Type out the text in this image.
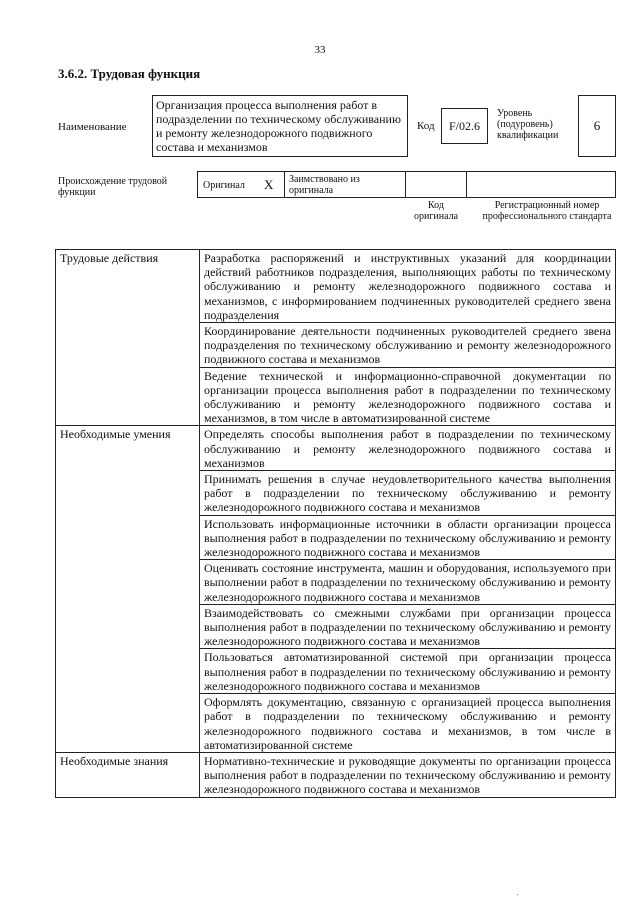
33
3.6.2. Трудовая функция
Наименование
Организация процесса выполнения работ в подразделении по техническому обслуживанию и ремонту железнодорожного подвижного состава и механизмов
Код F/02.6
Уровень (подуровень) квалификации
6
Происхождение трудовой функции
Оригинал X Заимствовано из оригинала
Код оригинала
Регистрационный номер профессионального стандарта
Трудовые действия	Разработка распоряжений и инструктивных указаний для координации действий работников подразделения, выполняющих работы по техническому обслуживанию и ремонту железнодорожного подвижного состава и механизмов, с информированием подчиненных руководителей среднего звена подразделения
	Координирование деятельности подчиненных руководителей среднего звена подразделения по техническому обслуживанию и ремонту железнодорожного подвижного состава и механизмов
	Ведение технической и информационно-справочной документации по организации процесса выполнения работ в подразделении по техническому обслуживанию и ремонту железнодорожного подвижного состава и механизмов, в том числе в автоматизированной системе
Необходимые умения	Определять способы выполнения работ в подразделении по техническому обслуживанию и ремонту железнодорожного подвижного состава и механизмов
	Принимать решения в случае неудовлетворительного качества выполнения работ в подразделении по техническому обслуживанию и ремонту железнодорожного подвижного состава и механизмов
	Использовать информационные источники в области организации процесса выполнения работ в подразделении по техническому обслуживанию и ремонту железнодорожного подвижного состава и механизмов
	Оценивать состояние инструмента, машин и оборудования, используемого при выполнении работ в подразделении по техническому обслуживанию и ремонту железнодорожного подвижного состава и механизмов
	Взаимодействовать со смежными службами при организации процесса выполнения работ в подразделении по техническому обслуживанию и ремонту железнодорожного подвижного состава и механизмов
	Пользоваться автоматизированной системой при организации процесса выполнения работ в подразделении по техническому обслуживанию и ремонту железнодорожного подвижного состава и механизмов
	Оформлять документацию, связанную с организацией процесса выполнения работ в подразделении по техническому обслуживанию и ремонту железнодорожного подвижного состава и механизмов, в том числе в автоматизированной системе
Необходимые знания	Нормативно-технические и руководящие документы по организации процесса выполнения работ в подразделении по техническому обслуживанию и ремонту железнодорожного подвижного состава и механизмов
